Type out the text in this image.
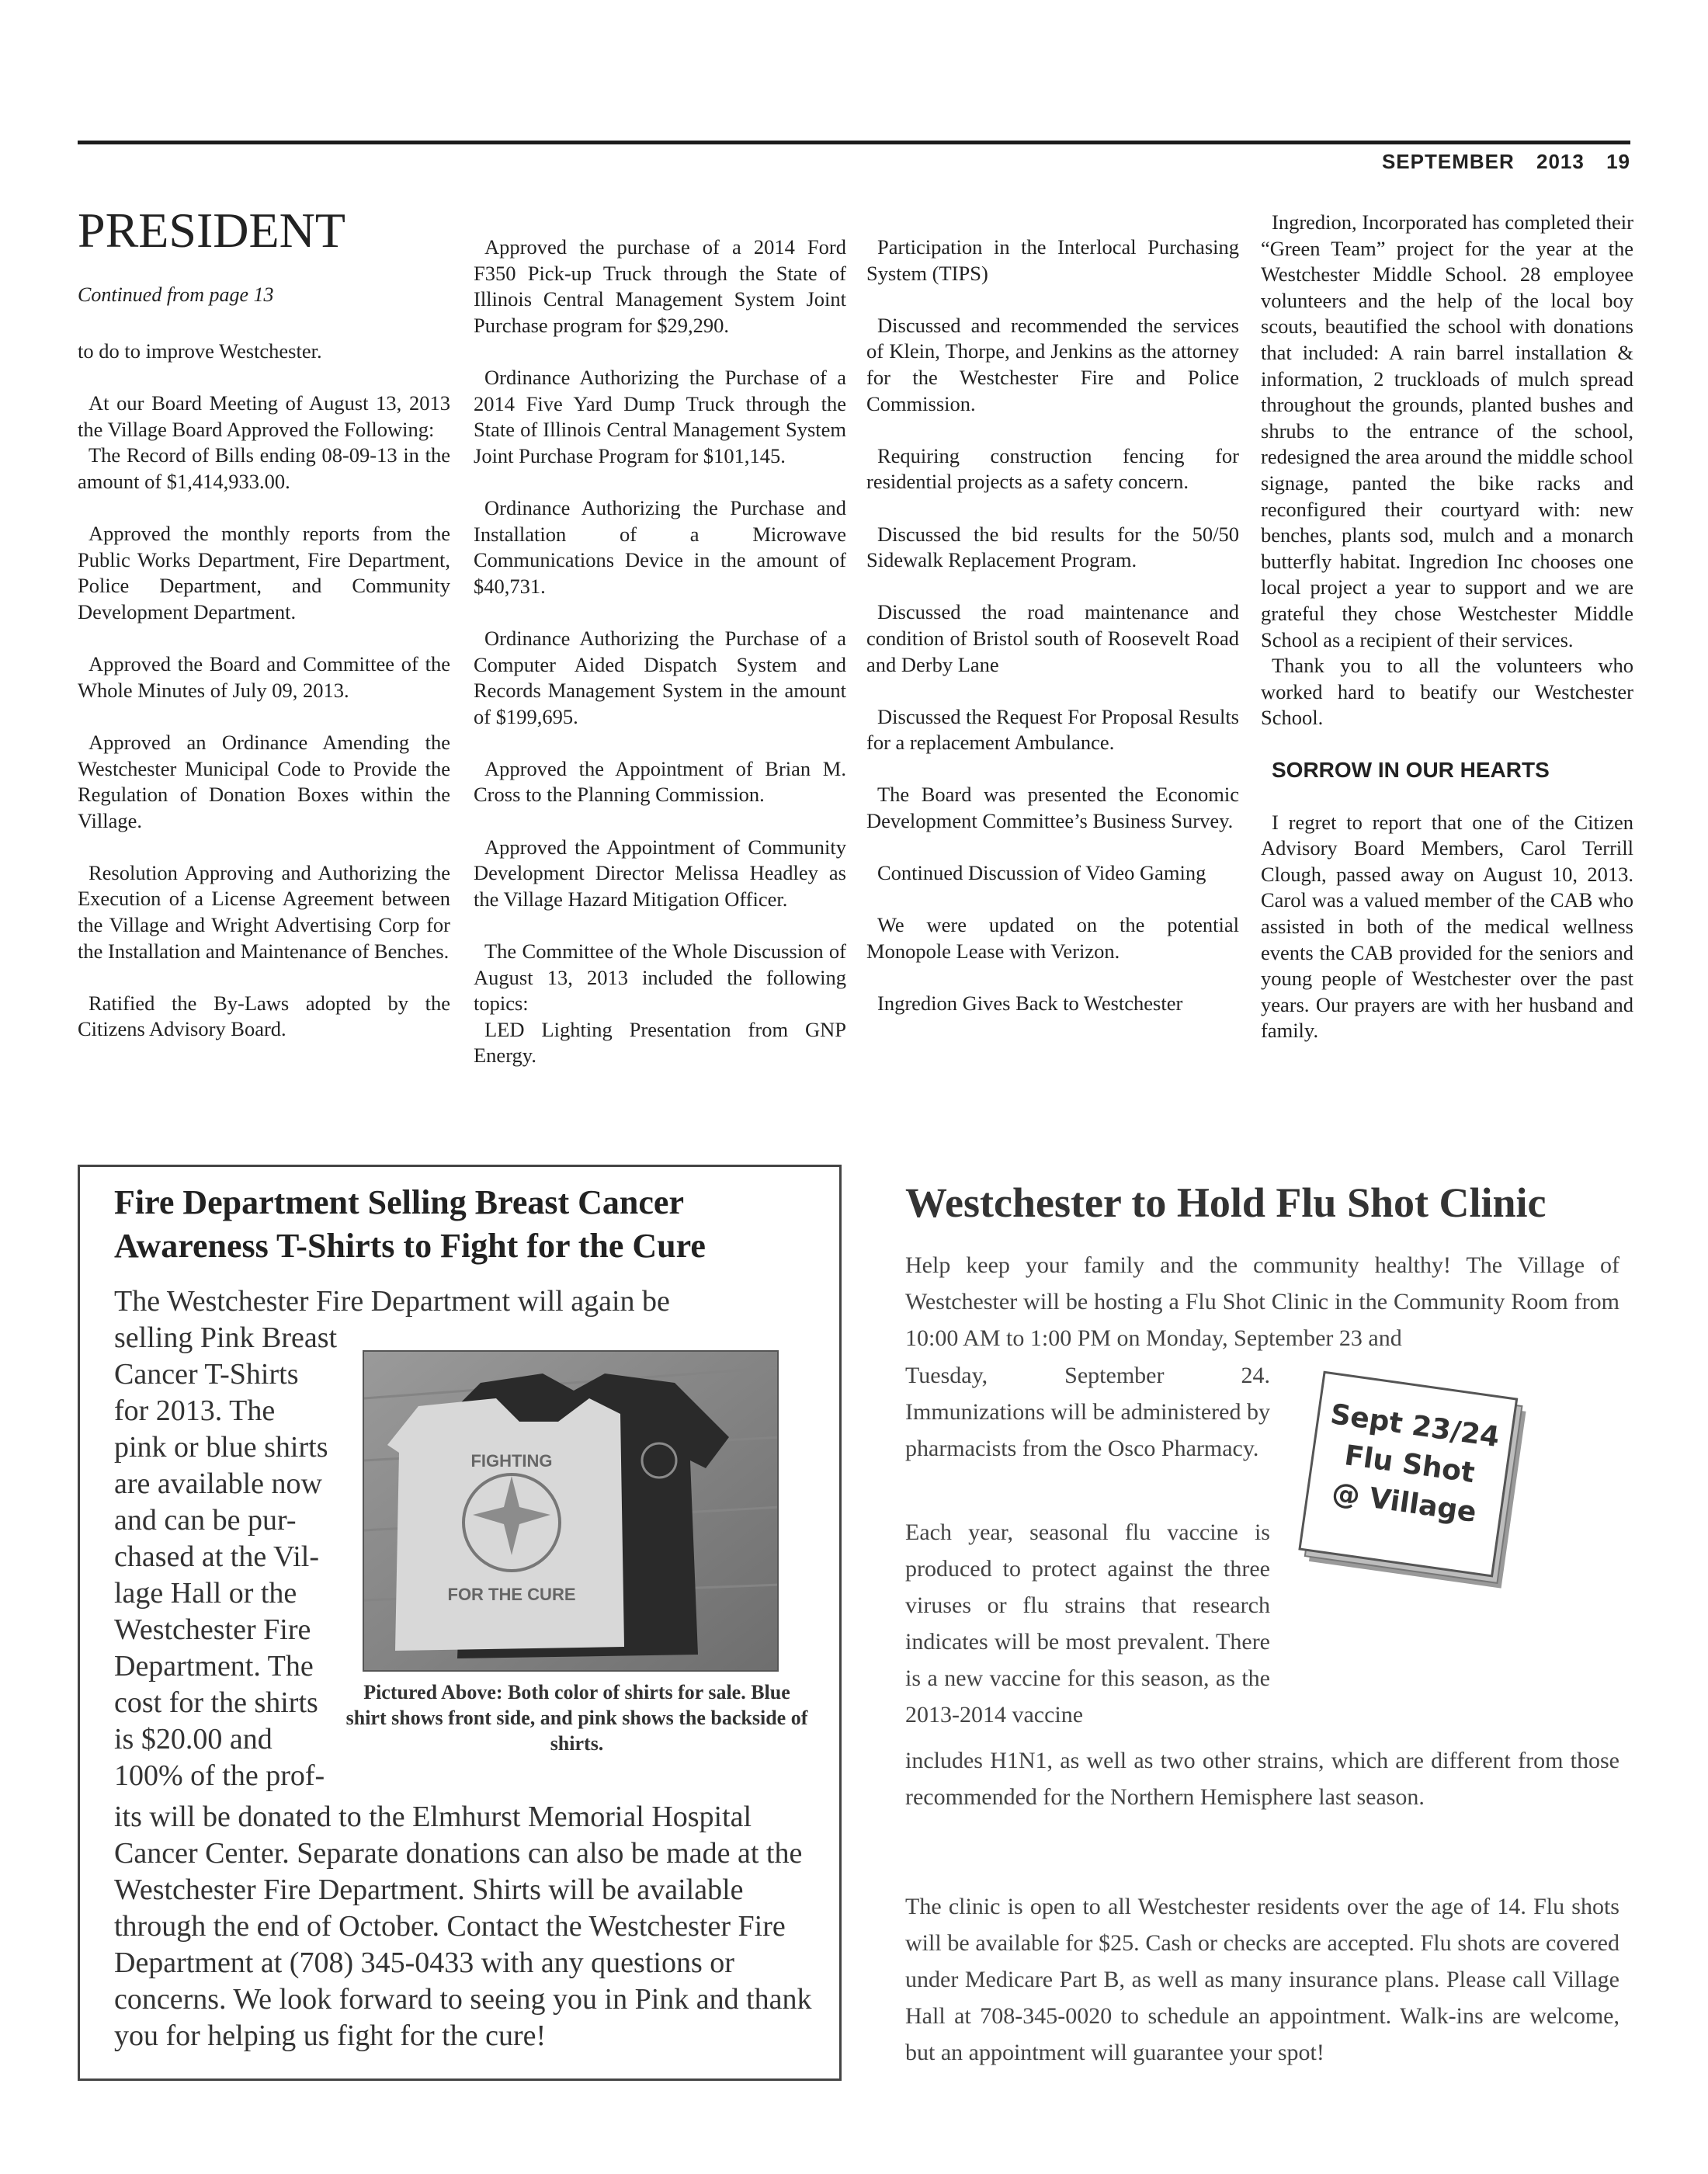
SEPTEMBER 2013 19
PRESIDENT
Continued from page 13

to do to improve Westchester.

At our Board Meeting of August 13, 2013 the Village Board Approved the Following:

The Record of Bills ending 08-09-13 in the amount of $1,414,933.00.

Approved the monthly reports from the Public Works Department, Fire Department, Police Department, and Community Development Department.

Approved the Board and Committee of the Whole Minutes of July 09, 2013.

Approved an Ordinance Amending the Westchester Municipal Code to Provide the Regulation of Donation Boxes within the Village.

Resolution Approving and Authorizing the Execution of a License Agreement between the Village and Wright Advertising Corp for the Installation and Maintenance of Benches.

Ratified the By-Laws adopted by the Citizens Advisory Board.

Approved the purchase of a 2014 Ford F350 Pick-up Truck through the State of Illinois Central Management System Joint Purchase program for $29,290.

Ordinance Authorizing the Purchase of a 2014 Five Yard Dump Truck through the State of Illinois Central Management System Joint Purchase Program for $101,145.

Ordinance Authorizing the Purchase and Installation of a Microwave Communications Device in the amount of $40,731.

Ordinance Authorizing the Purchase of a Computer Aided Dispatch System and Records Management System in the amount of $199,695.

Approved the Appointment of Brian M. Cross to the Planning Commission.

Approved the Appointment of Community Development Director Melissa Headley as the Village Hazard Mitigation Officer.

The Committee of the Whole Discussion of August 13, 2013 included the following topics:

LED Lighting Presentation from GNP Energy.

Participation in the Interlocal Purchasing System (TIPS)

Discussed and recommended the services of Klein, Thorpe, and Jenkins as the attorney for the Westchester Fire and Police Commission.

Requiring construction fencing for residential projects as a safety concern.

Discussed the bid results for the 50/50 Sidewalk Replacement Program.

Discussed the road maintenance and condition of Bristol south of Roosevelt Road and Derby Lane

Discussed the Request For Proposal Results for a replacement Ambulance.

The Board was presented the Economic Development Committee’s Business Survey.

Continued Discussion of Video Gaming

We were updated on the potential Monopole Lease with Verizon.

Ingredion Gives Back to Westchester

Ingredion, Incorporated has completed their “Green Team” project for the year at the Westchester Middle School. 28 employee volunteers and the help of the local boy scouts, beautified the school with donations that included: A rain barrel installation & information, 2 truckloads of mulch spread throughout the grounds, planted bushes and shrubs to the entrance of the school, redesigned the area around the middle school signage, panted the bike racks and reconfigured their courtyard with: new benches, plants sod, mulch and a monarch butterfly habitat. Ingredion Inc chooses one local project a year to support and we are grateful they chose Westchester Middle School as a recipient of their services.

Thank you to all the volunteers who worked hard to beatify our Westchester School.

SORROW IN OUR HEARTS

I regret to report that one of the Citizen Advisory Board Members, Carol Terrill Clough, passed away on August 10, 2013. Carol was a valued member of the CAB who assisted in both of the medical wellness events the CAB provided for the seniors and young people of Westchester over the past years. Our prayers are with her husband and family.

Fire Department Selling Breast Cancer
Awareness T-Shirts to Fight for the Cure
The Westchester Fire Department will again be
selling Pink Breast
Cancer T-Shirts
for 2013. The
pink or blue shirts
are available now
and can be pur-
chased at the Vil-
lage Hall or the
Westchester Fire
Department. The
cost for the shirts
is $20.00 and
100% of the prof-
FIGHTING
FOR THE CURE
Pictured Above: Both color of shirts for sale. Blue shirt shows front side, and pink shows the backside of shirts.
its will be donated to the Elmhurst Memorial Hospital Cancer Center. Separate donations can also be made at the Westchester Fire Department. Shirts will be available through the end of October. Contact the Westchester Fire Department at (708) 345-0433 with any questions or concerns. We look forward to seeing you in Pink and thank you for helping us fight for the cure!
Westchester to Hold Flu Shot Clinic

Help keep your family and the community healthy! The Village of Westchester will be hosting a Flu Shot Clinic in the Community Room from 10:00 AM to 1:00 PM on Monday, September 23 and

Tuesday, September 24. Immunizations will be administered by pharmacists from the Osco Pharmacy.

Each year, seasonal flu vaccine is produced to protect against the three viruses or flu strains that research indicates will be most prevalent. There is a new vaccine for this season, as the 2013-2014 vaccine

includes H1N1, as well as two other strains, which are different from those recommended for the Northern Hemisphere last season.

The clinic is open to all Westchester residents over the age of 14. Flu shots will be available for $25. Cash or checks are accepted. Flu shots are covered under Medicare Part B, as well as many insurance plans. Please call Village Hall at 708-345-0020 to schedule an appointment. Walk-ins are welcome, but an appointment will guarantee your spot!

Sept 23/24
Flu Shot
@ Village
